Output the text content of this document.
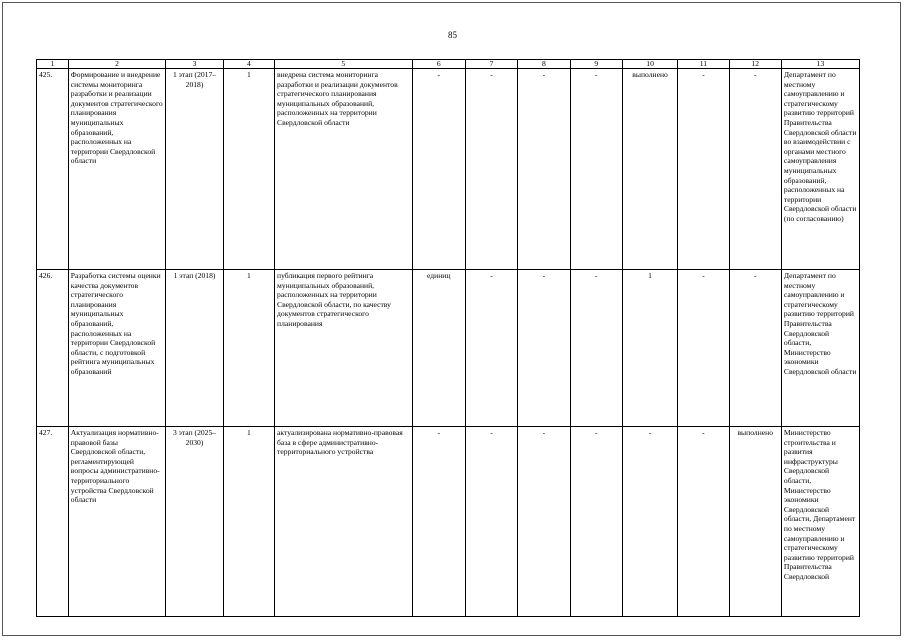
85
1	2	3	4	5	6	7	8	9	10	11	12	13
425.	Формирование и внедрение системы мониторинга разработки и реализации документов стратегического планирования муниципальных образований, расположенных на территории Свердловской области	1 этап (2017–2018)	1	внедрена система мониторинга разработки и реализации документов стратегического планирования муниципальных образований, расположенных на территории Свердловской области	-	-	-	-	выполнено	-	-	Департамент по местному самоуправлению и стратегическому развитию территорий Правительства Свердловской области во взаимодействии с органами местного самоуправления муниципальных образований, расположенных на территории Свердловской области (по согласованию)
426.	Разработка системы оценки качества документов стратегического планирования муниципальных образований, расположенных на территории Свердловской области, с подготовкой рейтинга муниципальных образований	1 этап (2018)	1	публикация первого рейтинга муниципальных образований, расположенных на территории Свердловской области, по качеству документов стратегического планирования	единиц	-	-	-	1	-	-	Департамент по местному самоуправлению и стратегическому развитию территорий Правительства Свердловской области, Министерство экономики Свердловской области
427.	Актуализация нормативно-правовой базы Свердловской области, регламентирующей вопросы административно-территориального устройства Свердловской области	3 этап (2025–2030)	1	актуализирована нормативно-правовая база в сфере административно-территориального устройства	-	-	-	-	-	-	выполнено	Министерство строительства и развития инфраструктуры Свердловской области, Министерство экономики Свердловской области, Департамент по местному самоуправлению и стратегическому развитию территорий Правительства Свердловской
